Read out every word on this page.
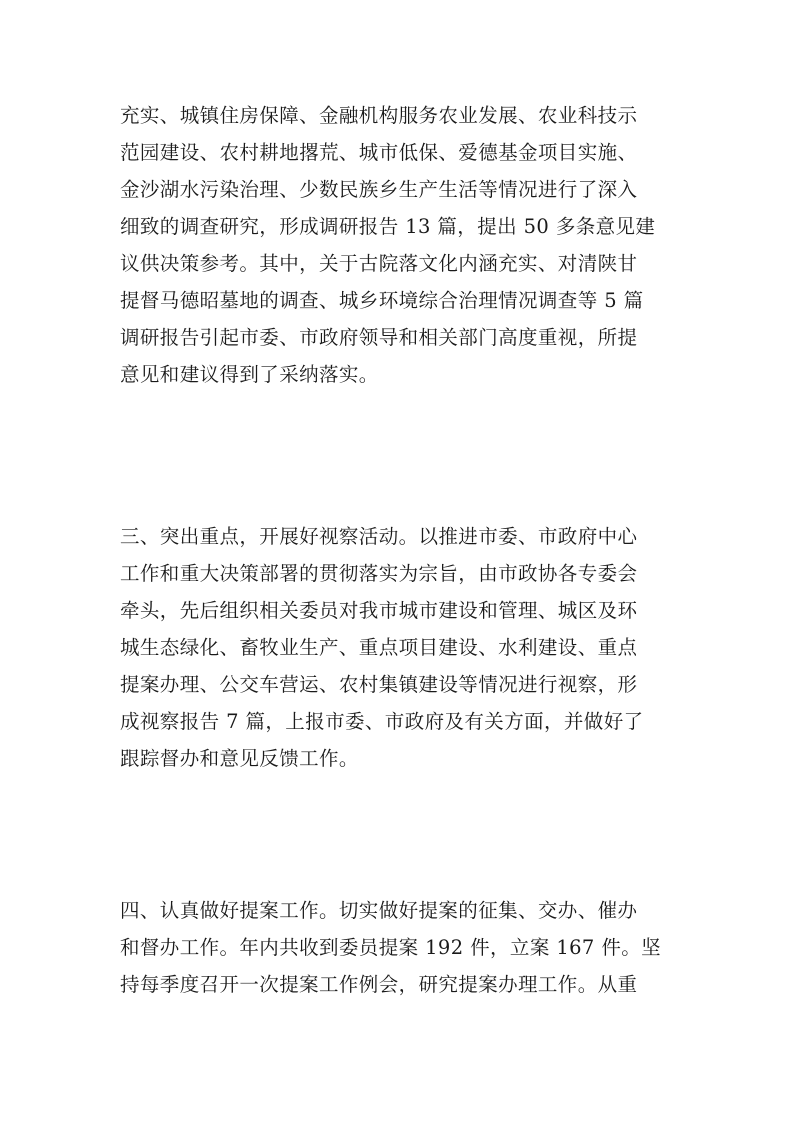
充实、城镇住房保障、金融机构服务农业发展、农业科技示
范园建设、农村耕地撂荒、城市低保、爱德基金项目实施、
金沙湖水污染治理、少数民族乡生产生活等情况进行了深入
细致的调查研究，形成调研报告 13 篇，提出 50 多条意见建
议供决策参考。其中，关于古院落文化内涵充实、对清陕甘
提督马德昭墓地的调查、城乡环境综合治理情况调查等 5 篇
调研报告引起市委、市政府领导和相关部门高度重视，所提
意见和建议得到了采纳落实。
三、突出重点，开展好视察活动。以推进市委、市政府中心
工作和重大决策部署的贯彻落实为宗旨，由市政协各专委会
牵头，先后组织相关委员对我市城市建设和管理、城区及环
城生态绿化、畜牧业生产、重点项目建设、水利建设、重点
提案办理、公交车营运、农村集镇建设等情况进行视察，形
成视察报告 7 篇，上报市委、市政府及有关方面，并做好了
跟踪督办和意见反馈工作。
四、认真做好提案工作。切实做好提案的征集、交办、催办
和督办工作。年内共收到委员提案 192 件，立案 167 件。坚
持每季度召开一次提案工作例会，研究提案办理工作。从重
